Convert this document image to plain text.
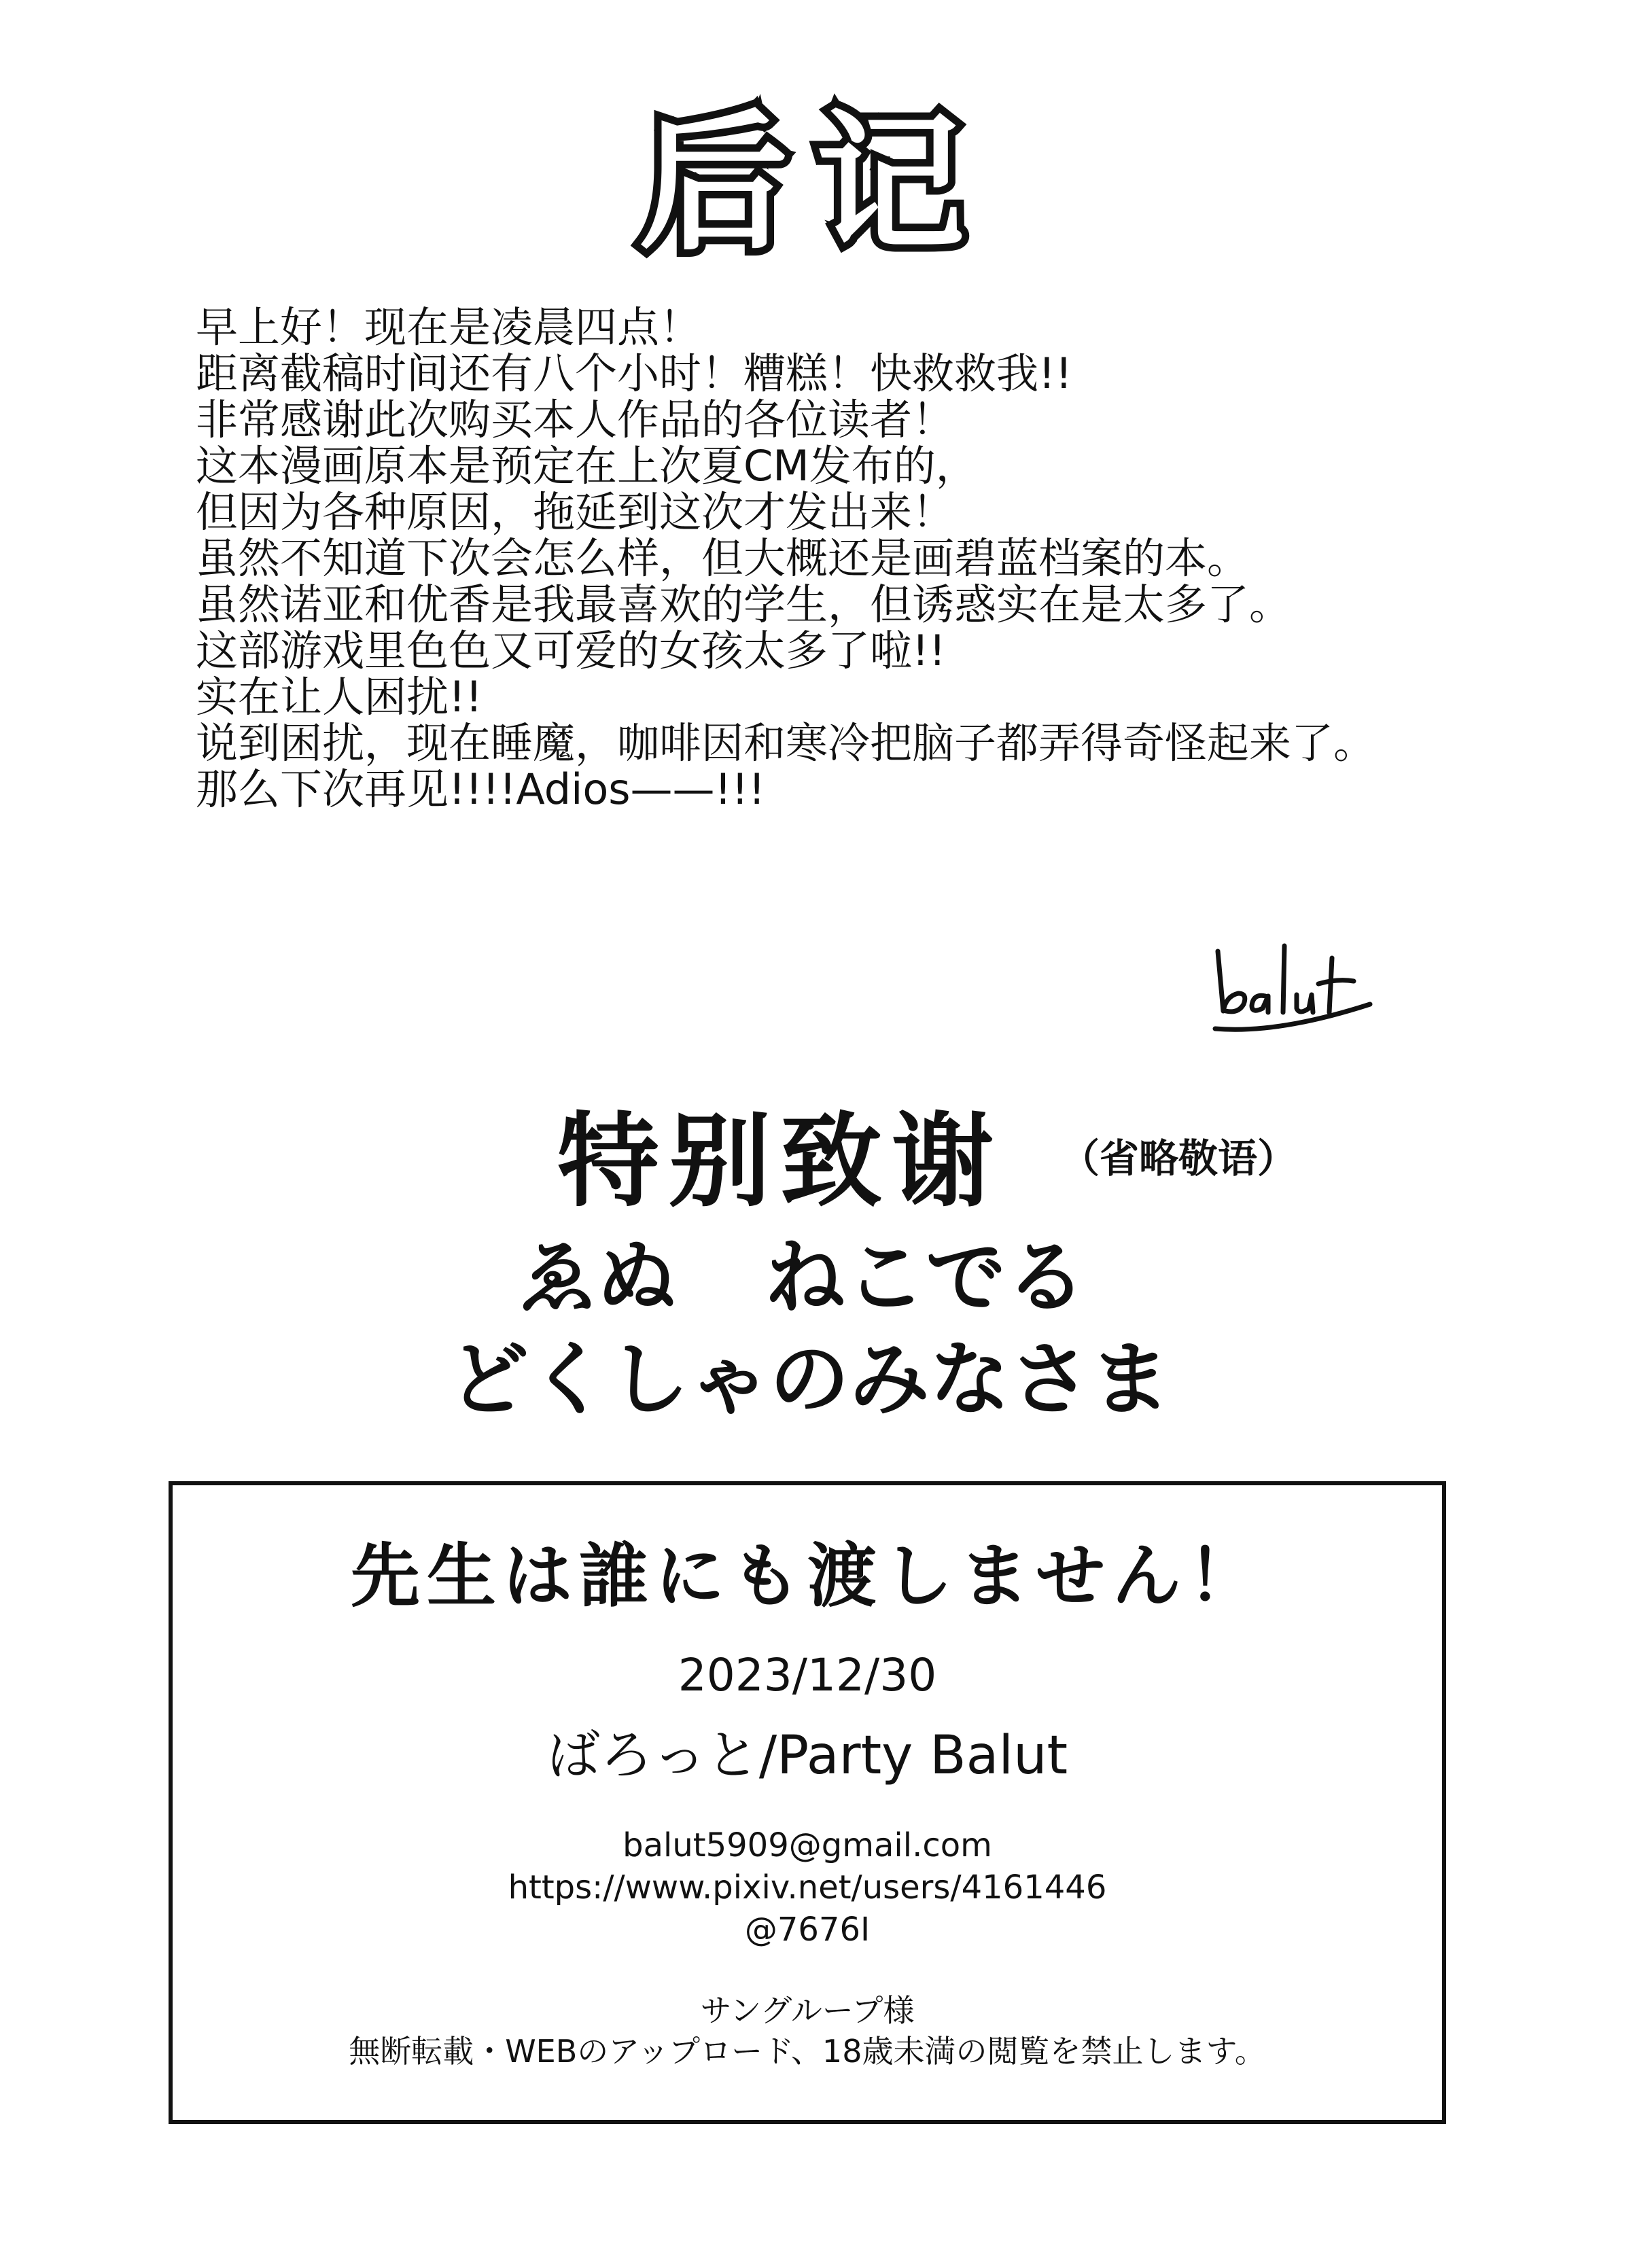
后记
早上好！现在是凌晨四点！
距离截稿时间还有八个小时！糟糕！快救救我!!
非常感谢此次购买本人作品的各位读者！
这本漫画原本是预定在上次夏CM发布的，
但因为各种原因，拖延到这次才发出来！
虽然不知道下次会怎么样，但大概还是画碧蓝档案的本。
虽然诺亚和优香是我最喜欢的学生，但诱惑实在是太多了。
这部游戏里色色又可爱的女孩太多了啦!!
实在让人困扰!!
说到困扰，现在睡魔，咖啡因和寒冷把脑子都弄得奇怪起来了。
那么下次再见!!!!Adios——!!!
特别致谢 （省略敬语）
ゑぬ ねこでる
どくしゃのみなさま
先生は誰にも渡しません！
2023/12/30
ばろっと/Party Balut
balut5909@gmail.com
https://www.pixiv.net/users/4161446
@7676I
サングループ様
無断転載・WEBのアップロード、18歳未満の閲覧を禁止します。
